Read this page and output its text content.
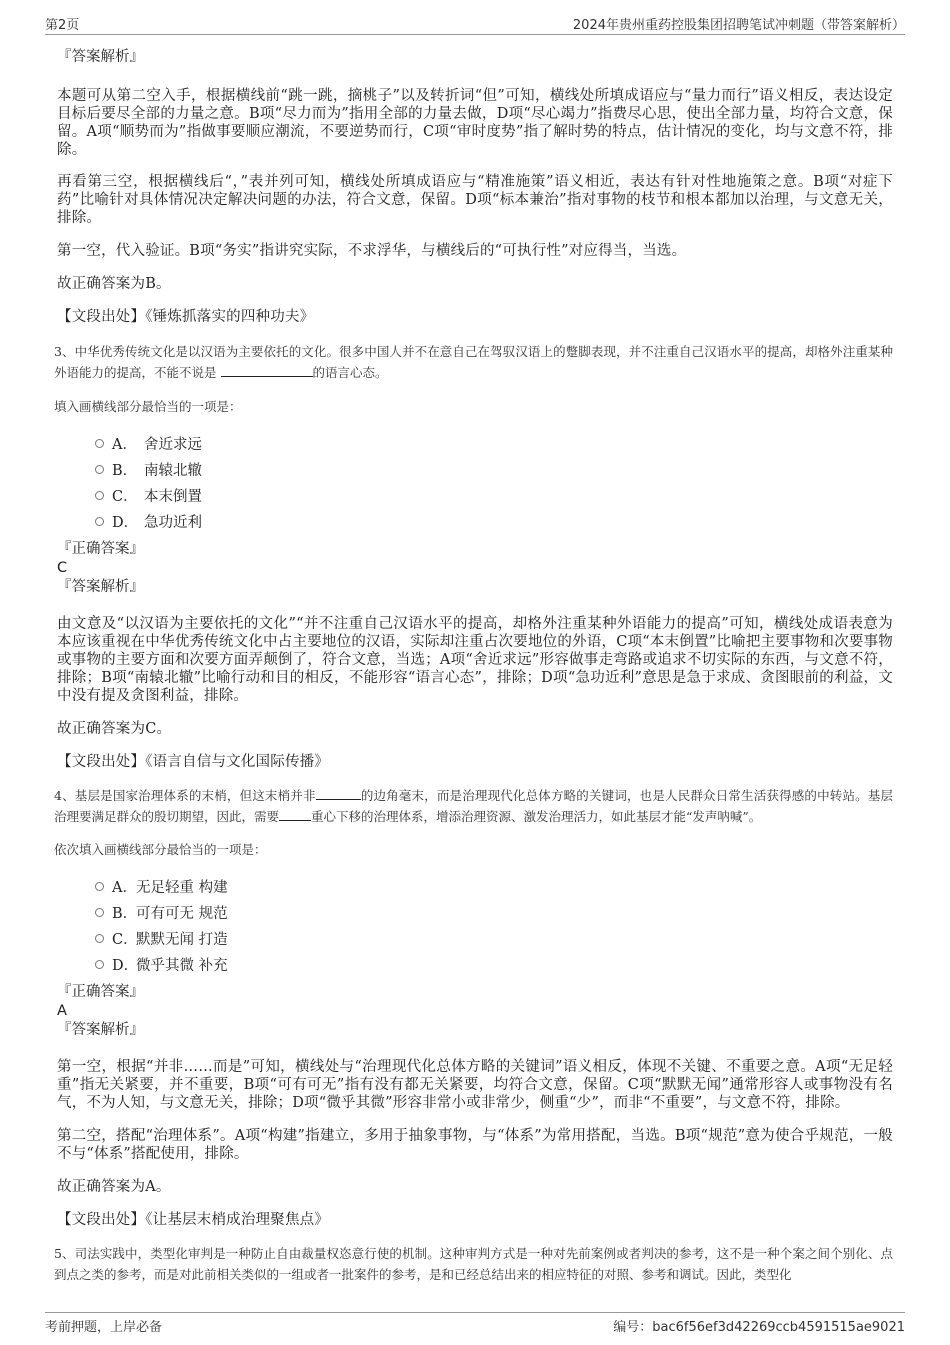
第2页	2024年贵州重药控股集团招聘笔试冲刺题（带答案解析）

『答案解析』

本题可从第二空入手，根据横线前“跳一跳，摘桃子”以及转折词“但”可知，横线处所填成语应与“量力而行”语义相反，表达设定目标后要尽全部的力量之意。B项“尽力而为”指用全部的力量去做，D项“尽心竭力”指费尽心思，使出全部力量，均符合文意，保留。A项“顺势而为”指做事要顺应潮流，不要逆势而行，C项“审时度势”指了解时势的特点，估计情况的变化，均与文意不符，排除。

再看第三空，根据横线后“，”表并列可知，横线处所填成语应与“精准施策”语义相近，表达有针对性地施策之意。B项“对症下药”比喻针对具体情况决定解决问题的办法，符合文意，保留。D项“标本兼治”指对事物的枝节和根本都加以治理，与文意无关，排除。

第一空，代入验证。B项“务实”指讲究实际，不求浮华，与横线后的“可执行性”对应得当，当选。

故正确答案为B。

【文段出处】《锤炼抓落实的四种功夫》

3、中华优秀传统文化是以汉语为主要依托的文化。很多中国人并不在意自己在驾驭汉语上的蹩脚表现，并不注重自己汉语水平的提高，却格外注重某种外语能力的提高，不能不说是	的语言心态。

填入画横线部分最恰当的一项是：

A． 舍近求远
B． 南辕北辙
C． 本末倒置
D． 急功近利

『正确答案』

C

『答案解析』

由文意及“以汉语为主要依托的文化”“并不注重自己汉语水平的提高，却格外注重某种外语能力的提高”可知，横线处成语表意为本应该重视在中华优秀传统文化中占主要地位的汉语，实际却注重占次要地位的外语，C项“本末倒置”比喻把主要事物和次要事物或事物的主要方面和次要方面弄颠倒了，符合文意，当选；A项“舍近求远”形容做事走弯路或追求不切实际的东西，与文意不符，排除；B项“南辕北辙”比喻行动和目的相反，不能形容“语言心态”，排除；D项“急功近利”意思是急于求成、贪图眼前的利益，文中没有提及贪图利益，排除。

故正确答案为C。

【文段出处】《语言自信与文化国际传播》

4、基层是国家治理体系的末梢，但这末梢并非	的边角毫末，而是治理现代化总体方略的关键词，也是人民群众日常生活获得感的中转站。基层治理要满足群众的殷切期望，因此，需要	重心下移的治理体系，增添治理资源、激发治理活力，如此基层才能“发声呐喊”。

依次填入画横线部分最恰当的一项是：

A． 无足轻重 构建
B．
可有可无 规范
C．
默默无闻 打造
D．
微乎其微 补充

『正确答案』

A

『答案解析』

第一空，根据“并非……而是”可知，横线处与“治理现代化总体方略的关键词”语义相反，体现不关键、不重要之意。A项“无足轻重”指无关紧要，并不重要，B项“可有可无”指有没有都无关紧要，均符合文意，保留。C项“默默无闻”通常形容人或事物没有名气，不为人知，与文意无关，排除；D项“微乎其微”形容非常小或非常少，侧重“少”，而非“不重要”，与文意不符，排除。

第二空，搭配“治理体系”。A项“构建”指建立，多用于抽象事物，与“体系”为常用搭配，当选。B项“规范”意为使合乎规范，一般不与“体系”搭配使用，排除。

故正确答案为A。

【文段出处】《让基层末梢成治理聚焦点》

5、司法实践中，类型化审判是一种防止自由裁量权恣意行使的机制。这种审判方式是一种对先前案例或者判决的参考，这不是一种个案之间个别化、点到点之类的参考，而是对此前相关类似的一组或者一批案件的参考，是和已经总结出来的相应特征的对照、参考和调试。因此，类型化

考前押题，上岸必备	编号：bac6f56ef3d42269ccb4591515ae9021
